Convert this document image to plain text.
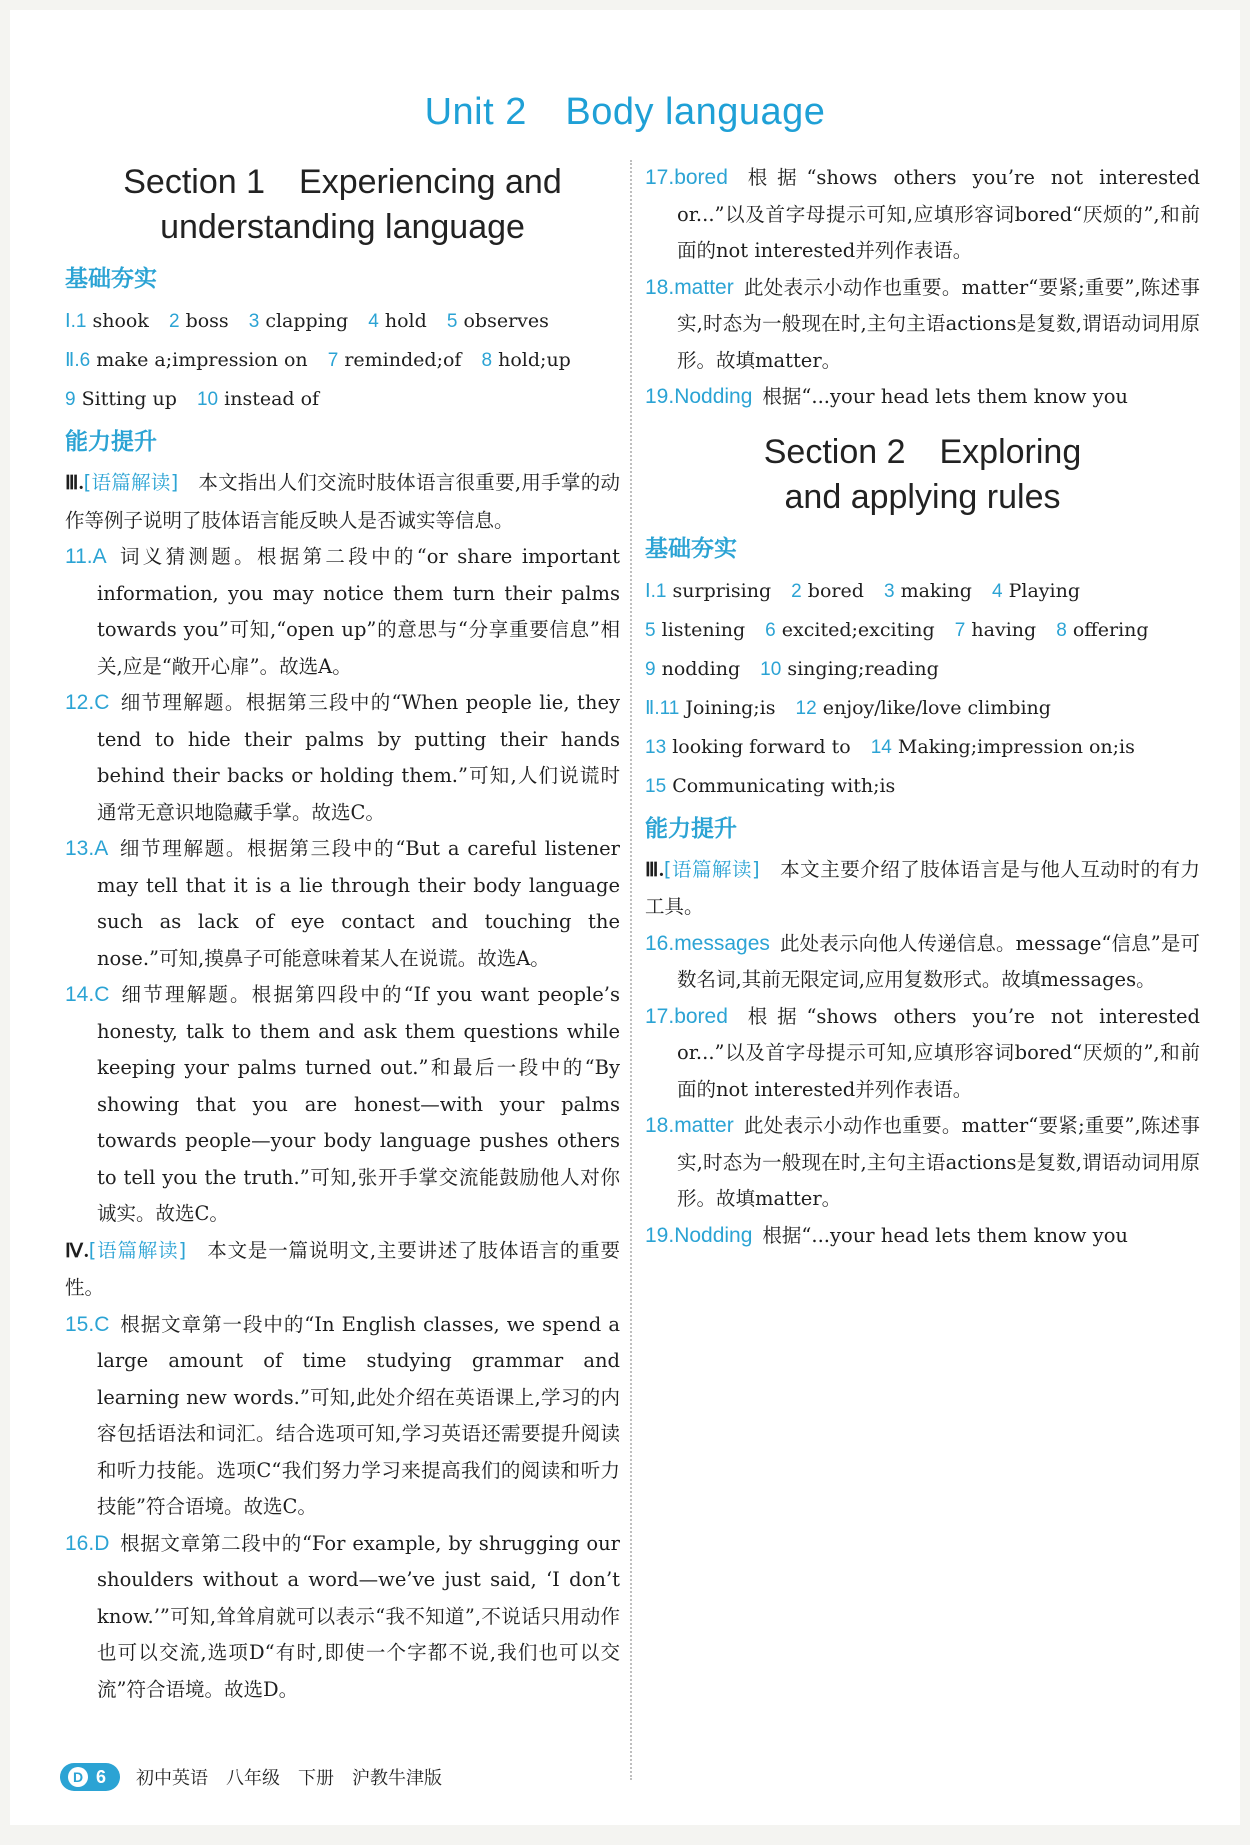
Unit 2　Body language
Section 1　Experiencing and
understanding language
基础夯实
Ⅰ.1 shook 2 boss 3 clapping 4 hold 5 observes
Ⅱ.6 make a;impression on 7 reminded;of 8 hold;up
9 Sitting up 10 instead of
能力提升

Ⅲ.[语篇解读]　 本文指出人们交流时肢体语言很重要,用手掌的动作等例子说明了肢体语言能反映人是否诚实等信息。

11.A 词义猜测题。根据第二段中的“or share important information, you may notice them turn their palms towards you”可知,“open up”的意思与“分享重要信息”相关,应是“敞开心扉”。故选A。
12.C 细节理解题。根据第三段中的“When people lie, they tend to hide their palms by putting their hands behind their backs or holding them.”可知,人们说谎时通常无意识地隐藏手掌。故选C。
13.A 细节理解题。根据第三段中的“But a careful listener may tell that it is a lie through their body language such as lack of eye contact and touching the nose.”可知,摸鼻子可能意味着某人在说谎。故选A。
14.C 细节理解题。根据第四段中的“If you want people’s honesty, talk to them and ask them questions while keeping your palms turned out.”和最后一段中的“By showing that you are honest—with your palms towards people—your body language pushes others to tell you the truth.”可知,张开手掌交流能鼓励他人对你诚实。故选C。

Ⅳ.[语篇解读]　 本文是一篇说明文,主要讲述了肢体语言的重要性。

15.C 根据文章第一段中的“In English classes, we spend a large amount of time studying grammar and learning new words.”可知,此处介绍在英语课上,学习的内容包括语法和词汇。结合选项可知,学习英语还需要提升阅读和听力技能。选项C“我们努力学习来提高我们的阅读和听力技能”符合语境。故选C。
16.D 根据文章第二段中的“For example, by shrugging our shoulders without a word—we’ve just said, ‘I don’t know.’”可知,耸耸肩就可以表示“我不知道”,不说话只用动作也可以交流,选项D“有时,即使一个字都不说,我们也可以交流”符合语境。故选D。
17.bored 根据“shows others you’re not interested or...”以及首字母提示可知,应填形容词bored“厌烦的”,和前面的not interested并列作表语。
18.matter 此处表示小动作也重要。matter“要紧;重要”,陈述事实,时态为一般现在时,主句主语actions是复数,谓语动词用原形。故填matter。
19.Nodding 根据“...your head lets them know you
Section 2　Exploring
and applying rules
基础夯实
Ⅰ.1 surprising 2 bored 3 making 4 Playing
5 listening 6 excited;exciting 7 having 8 offering
9 nodding 10 singing;reading
Ⅱ.11 Joining;is 12 enjoy/like/love climbing
13 looking forward to 14 Making;impression on;is
15 Communicating with;is
能力提升

Ⅲ.[语篇解读]　 本文主要介绍了肢体语言是与他人互动时的有力工具。

16.messages 此处表示向他人传递信息。message“信息”是可数名词,其前无限定词,应用复数形式。故填messages。
17.bored 根据“shows others you’re not interested or...”以及首字母提示可知,应填形容词bored“厌烦的”,和前面的not interested并列作表语。
18.matter 此处表示小动作也重要。matter“要紧;重要”,陈述事实,时态为一般现在时,主句主语actions是复数,谓语动词用原形。故填matter。
19.Nodding 根据“...your head lets them know you
D 6 初中英语 八年级 下册 沪教牛津版
